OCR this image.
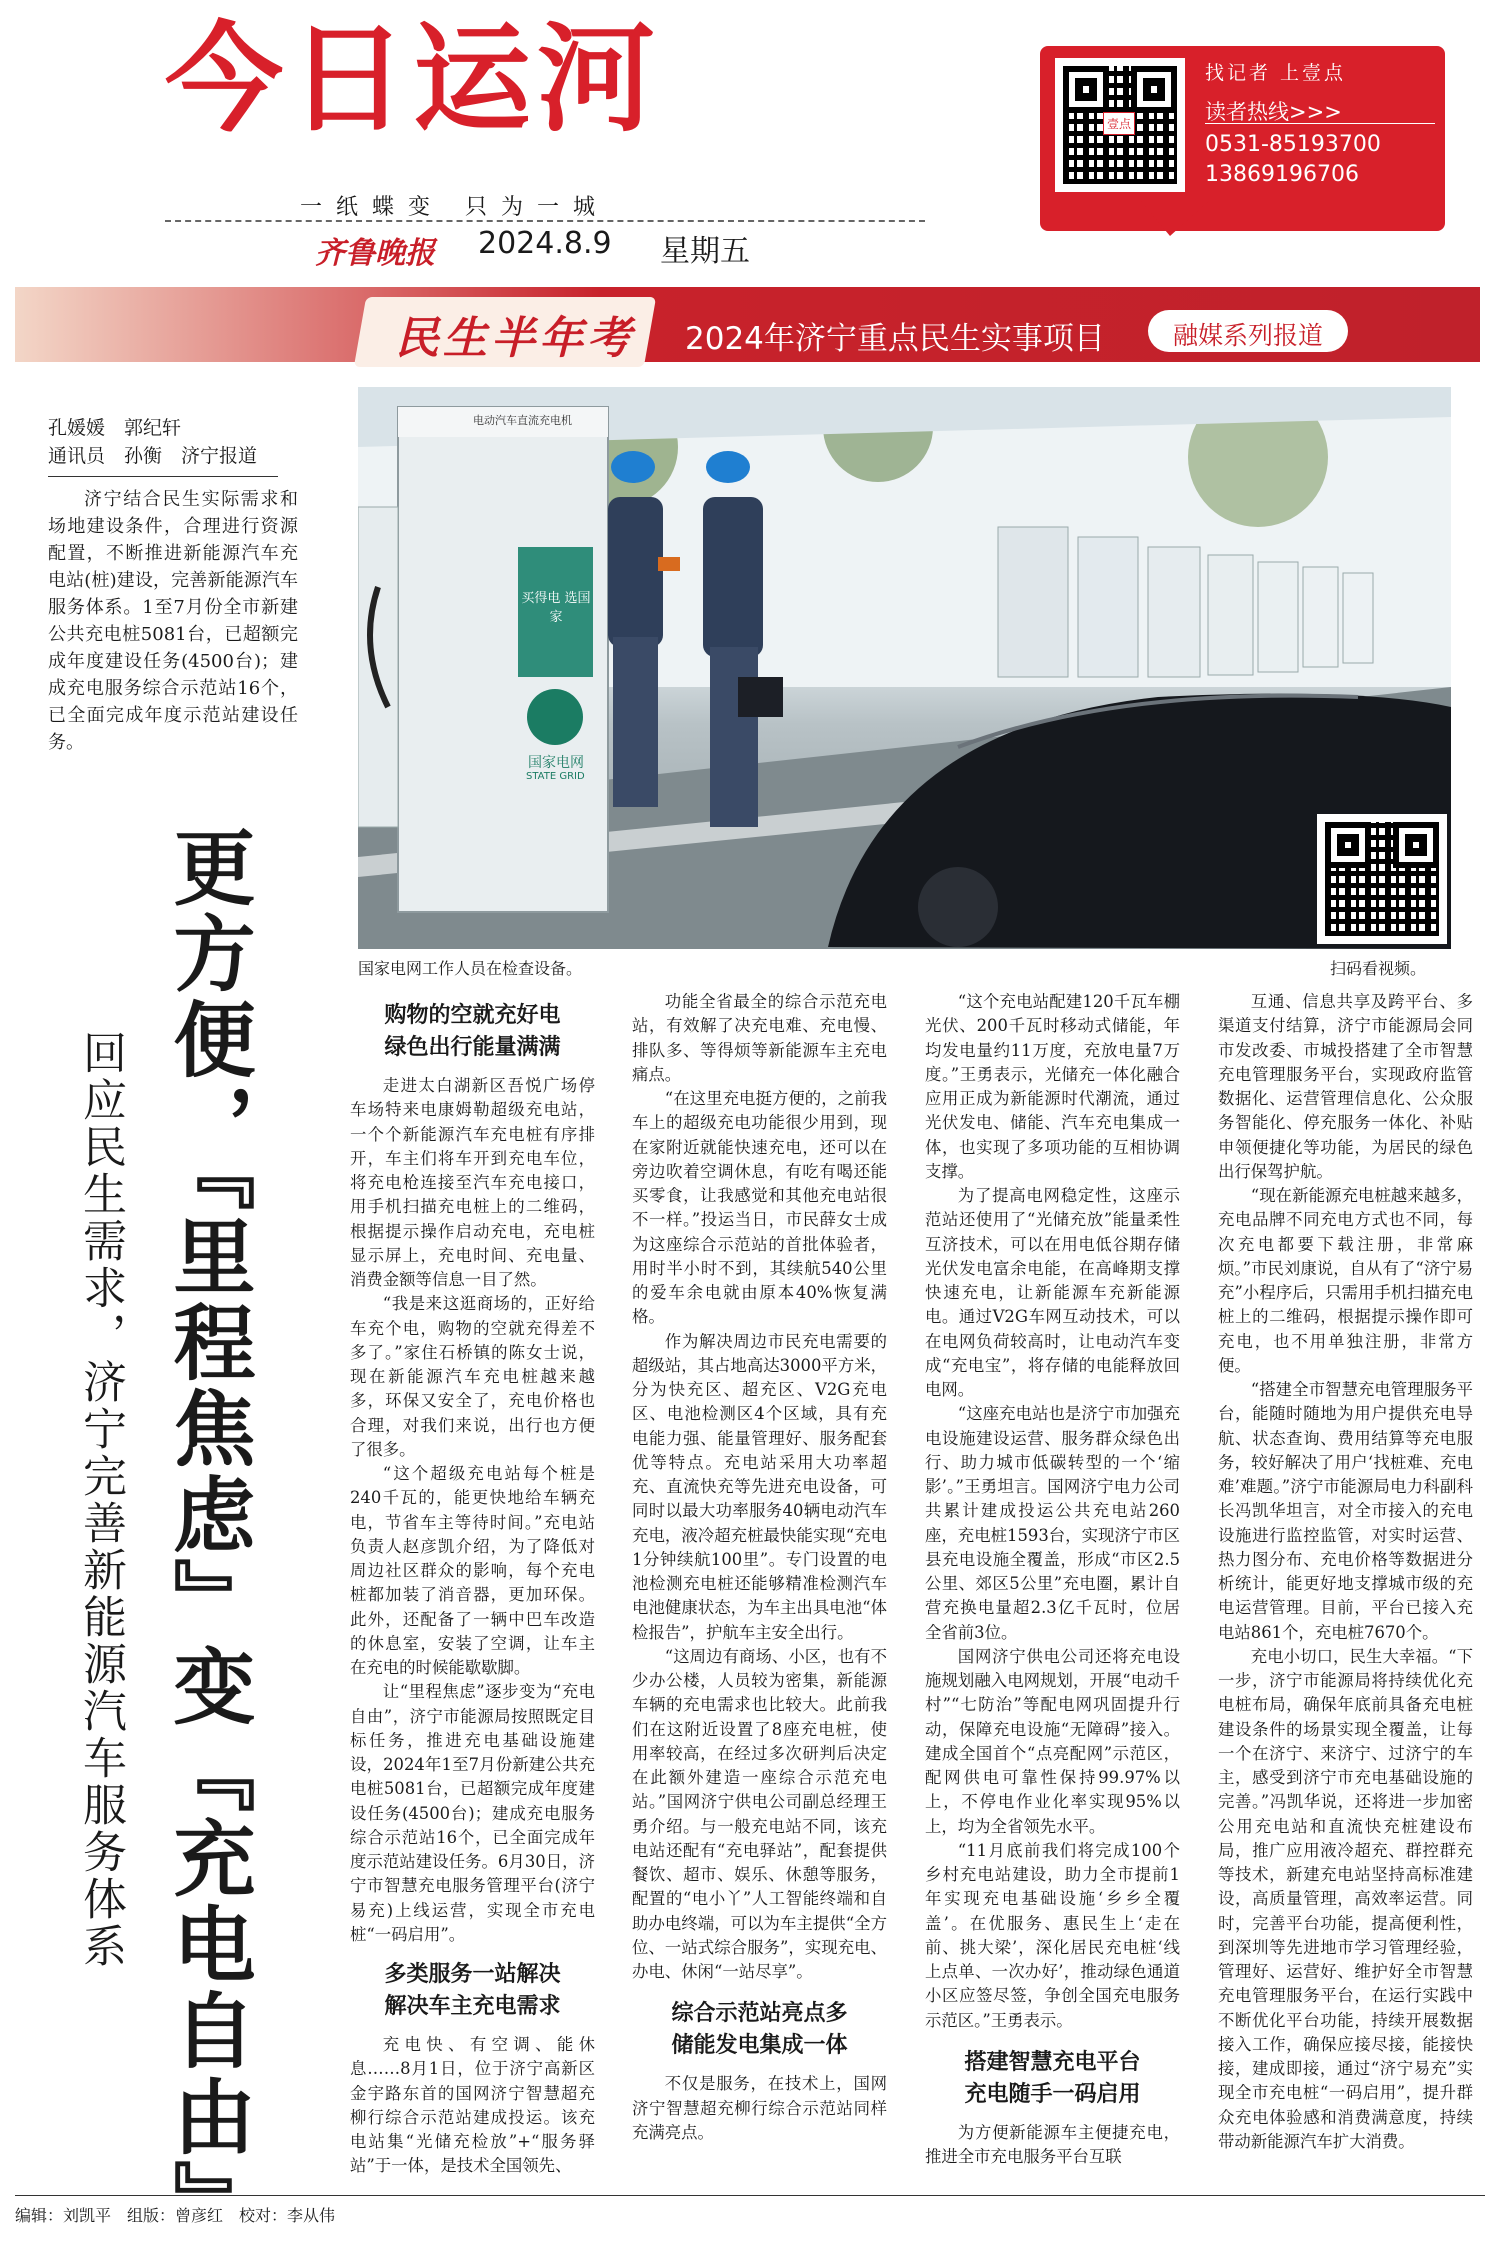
今日运河
一纸蝶变 只为一城
齐鲁晚报 2024.8.9 星期五
壹点
找记者 上壹点
读者热线>>>
0531-85193700
13869196706
民生半年考 2024年济宁重点民生实事项目	融媒系列报道
孔媛媛　郭纪轩
通讯员　孙衡　济宁报道
济宁结合民生实际需求和场地建设条件，合理进行资源配置，不断推进新能源汽车充电站(桩)建设，完善新能源汽车服务体系。1至7月份全市新建公共充电桩5081台，已超额完成年度建设任务(4500台)；建成充电服务综合示范站16个，已全面完成年度示范站建设任务。
更方便，『里程焦虑』变『充电自由』
回应民生需求，济宁完善新能源汽车服务体系
电动汽车直流充电机
买得电 选国家
国家电网
STATE GRID
国家电网工作人员在检查设备。	扫码看视频。
购物的空就充好电
绿色出行能量满满

走进太白湖新区吾悦广场停车场特来电康姆勒超级充电站，一个个新能源汽车充电桩有序排开，车主们将车开到充电车位，将充电枪连接至汽车充电接口，用手机扫描充电桩上的二维码，根据提示操作启动充电，充电桩显示屏上，充电时间、充电量、消费金额等信息一目了然。

“我是来这逛商场的，正好给车充个电，购物的空就充得差不多了。”家住石桥镇的陈女士说，现在新能源汽车充电桩越来越多，环保又安全了，充电价格也合理，对我们来说，出行也方便了很多。

“这个超级充电站每个桩是240千瓦的，能更快地给车辆充电，节省车主等待时间。”充电站负责人赵彦凯介绍，为了降低对周边社区群众的影响，每个充电桩都加装了消音器，更加环保。此外，还配备了一辆中巴车改造的休息室，安装了空调，让车主在充电的时候能歇歇脚。

让“里程焦虑”逐步变为“充电自由”，济宁市能源局按照既定目标任务，推进充电基础设施建设，2024年1至7月份新建公共充电桩5081台，已超额完成年度建设任务(4500台)；建成充电服务综合示范站16个，已全面完成年度示范站建设任务。6月30日，济宁市智慧充电服务管理平台(济宁易充)上线运营，实现全市充电桩“一码启用”。

多类服务一站解决
解决车主充电需求

充电快、有空调、能休息……8月1日，位于济宁高新区金宇路东首的国网济宁智慧超充柳行综合示范站建成投运。该充电站集“光储充检放”+“服务驿站”于一体，是技术全国领先、

功能全省最全的综合示范充电站，有效解了决充电难、充电慢、排队多、等得烦等新能源车主充电痛点。

“在这里充电挺方便的，之前我车上的超级充电功能很少用到，现在家附近就能快速充电，还可以在旁边吹着空调休息，有吃有喝还能买零食，让我感觉和其他充电站很不一样。”投运当日，市民薛女士成为这座综合示范站的首批体验者，用时半小时不到，其续航540公里的爱车余电就由原本40%恢复满格。

作为解决周边市民充电需要的超级站，其占地高达3000平方米，分为快充区、超充区、V2G充电区、电池检测区4个区域，具有充电能力强、能量管理好、服务配套优等特点。充电站采用大功率超充、直流快充等先进充电设备，可同时以最大功率服务40辆电动汽车充电，液冷超充桩最快能实现“充电1分钟续航100里”。专门设置的电池检测充电桩还能够精准检测汽车电池健康状态，为车主出具电池“体检报告”，护航车主安全出行。

“这周边有商场、小区，也有不少办公楼，人员较为密集，新能源车辆的充电需求也比较大。此前我们在这附近设置了8座充电桩，使用率较高，在经过多次研判后决定在此额外建造一座综合示范充电站。”国网济宁供电公司副总经理王勇介绍。与一般充电站不同，该充电站还配有“充电驿站”，配套提供餐饮、超市、娱乐、休憩等服务，配置的“电小丫”人工智能终端和自助办电终端，可以为车主提供“全方位、一站式综合服务”，实现充电、办电、休闲“一站尽享”。

综合示范站亮点多
储能发电集成一体

不仅是服务，在技术上，国网济宁智慧超充柳行综合示范站同样充满亮点。

“这个充电站配建120千瓦车棚光伏、200千瓦时移动式储能，年均发电量约11万度，充放电量7万度。”王勇表示，光储充一体化融合应用正成为新能源时代潮流，通过光伏发电、储能、汽车充电集成一体，也实现了多项功能的互相协调支撑。

为了提高电网稳定性，这座示范站还使用了“光储充放”能量柔性互济技术，可以在用电低谷期存储光伏发电富余电能，在高峰期支撑快速充电，让新能源车充新能源电。通过V2G车网互动技术，可以在电网负荷较高时，让电动汽车变成“充电宝”，将存储的电能释放回电网。

“这座充电站也是济宁市加强充电设施建设运营、服务群众绿色出行、助力城市低碳转型的一个‘缩影’。”王勇坦言。国网济宁电力公司共累计建成投运公共充电站260座，充电桩1593台，实现济宁市区县充电设施全覆盖，形成“市区2.5公里、郊区5公里”充电圈，累计自营充换电量超2.3亿千瓦时，位居全省前3位。

国网济宁供电公司还将充电设施规划融入电网规划，开展“电动千村”“七防治”等配电网巩固提升行动，保障充电设施“无障碍”接入。建成全国首个“点亮配网”示范区，配网供电可靠性保持99.97%以上，不停电作业化率实现95%以上，均为全省领先水平。

“11月底前我们将完成100个乡村充电站建设，助力全市提前1年实现充电基础设施‘乡乡全覆盖’。在优服务、惠民生上‘走在前、挑大梁’，深化居民充电桩‘线上点单、一次办好’，推动绿色通道小区应签尽签，争创全国充电服务示范区。”王勇表示。

搭建智慧充电平台
充电随手一码启用

为方便新能源车主便捷充电，推进全市充电服务平台互联

互通、信息共享及跨平台、多渠道支付结算，济宁市能源局会同市发改委、市城投搭建了全市智慧充电管理服务平台，实现政府监管数据化、运营管理信息化、公众服务智能化、停充服务一体化、补贴申领便捷化等功能，为居民的绿色出行保驾护航。

“现在新能源充电桩越来越多，充电品牌不同充电方式也不同，每次充电都要下载注册，非常麻烦。”市民刘康说，自从有了“济宁易充”小程序后，只需用手机扫描充电桩上的二维码，根据提示操作即可充电，也不用单独注册，非常方便。

“搭建全市智慧充电管理服务平台，能随时随地为用户提供充电导航、状态查询、费用结算等充电服务，较好解决了用户‘找桩难、充电难’难题。”济宁市能源局电力科副科长冯凯华坦言，对全市接入的充电设施进行监控监管，对实时运营、热力图分布、充电价格等数据进分析统计，能更好地支撑城市级的充电运营管理。目前，平台已接入充电站861个，充电桩7670个。

充电小切口，民生大幸福。“下一步，济宁市能源局将持续优化充电桩布局，确保年底前具备充电桩建设条件的场景实现全覆盖，让每一个在济宁、来济宁、过济宁的车主，感受到济宁市充电基础设施的完善。”冯凯华说，还将进一步加密公用充电站和直流快充桩建设布局，推广应用液冷超充、群控群充等技术，新建充电站坚持高标准建设，高质量管理，高效率运营。同时，完善平台功能，提高便利性，到深圳等先进地市学习管理经验，管理好、运营好、维护好全市智慧充电管理服务平台，在运行实践中不断优化平台功能，持续开展数据接入工作，确保应接尽接，能接快接，建成即接，通过“济宁易充”实现全市充电桩“一码启用”，提升群众充电体验感和消费满意度，持续带动新能源汽车扩大消费。

编辑：刘凯平　组版：曾彦红　校对：李从伟
